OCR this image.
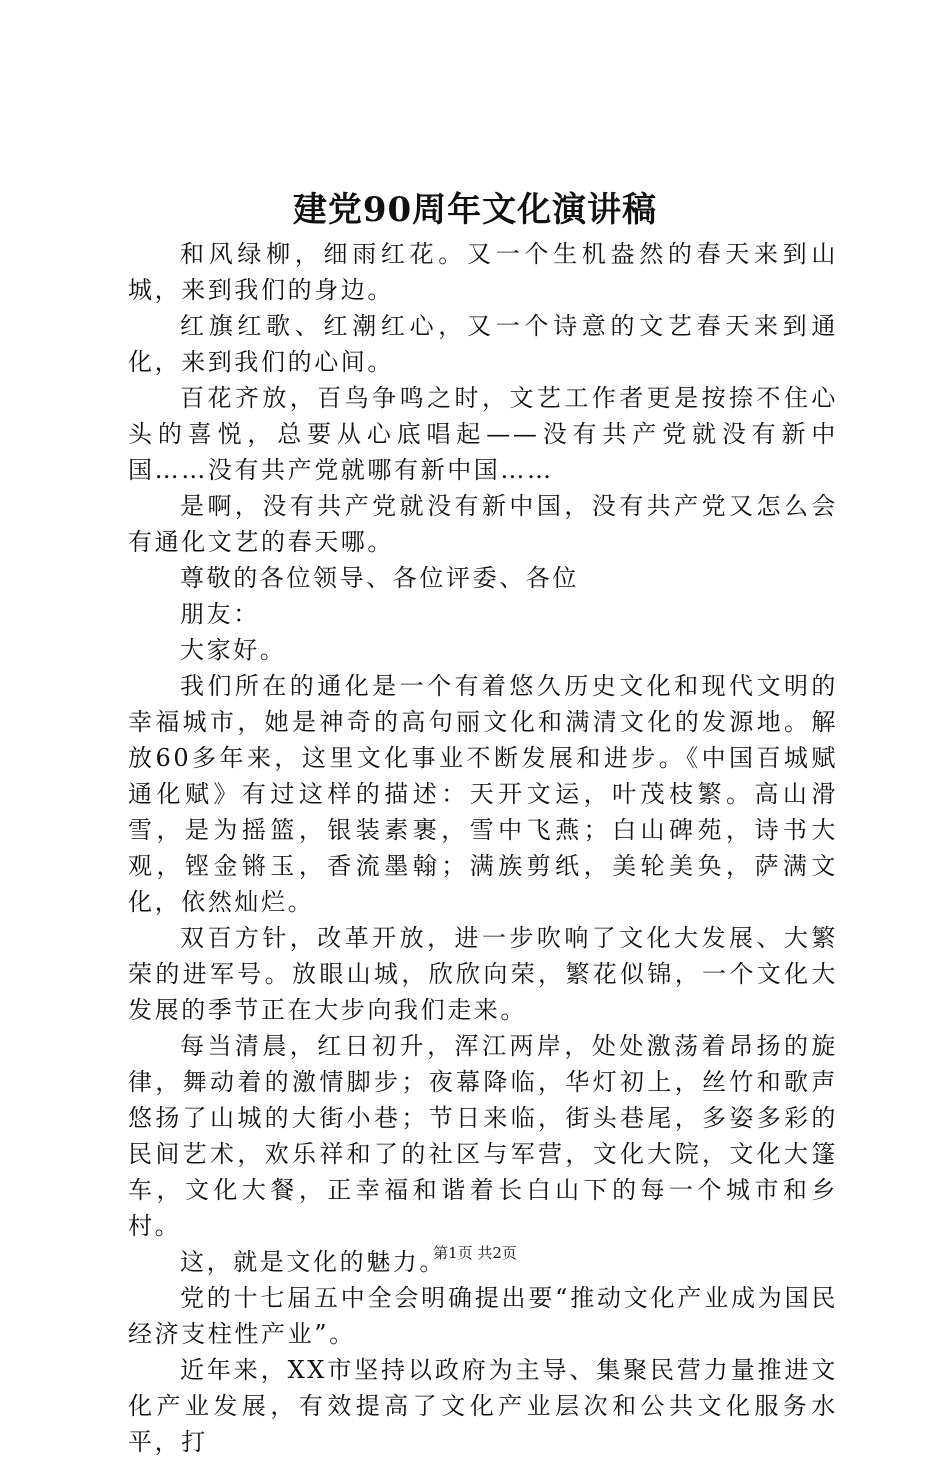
建党90周年文化演讲稿

和风绿柳，细雨红花。又一个生机盎然的春天来到山城，来到我们的身边。

红旗红歌、红潮红心，又一个诗意的文艺春天来到通化，来到我们的心间。

百花齐放，百鸟争鸣之时，文艺工作者更是按捺不住心头的喜悦，总要从心底唱起——没有共产党就没有新中国……没有共产党就哪有新中国……

是啊，没有共产党就没有新中国，没有共产党又怎么会有通化文艺的春天哪。

尊敬的各位领导、各位评委、各位

朋友：

大家好。

我们所在的通化是一个有着悠久历史文化和现代文明的幸福城市，她是神奇的高句丽文化和满清文化的发源地。解放60多年来，这里文化事业不断发展和进步。《中国百城赋通化赋》有过这样的描述：天开文运，叶茂枝繁。高山滑雪，是为摇篮，银装素裹，雪中飞燕；白山碑苑，诗书大观，铿金锵玉，香流墨翰；满族剪纸，美轮美奂，萨满文化，依然灿烂。

双百方针，改革开放，进一步吹响了文化大发展、大繁荣的进军号。放眼山城，欣欣向荣，繁花似锦，一个文化大发展的季节正在大步向我们走来。

每当清晨，红日初升，浑江两岸，处处激荡着昂扬的旋律，舞动着的激情脚步；夜幕降临，华灯初上，丝竹和歌声悠扬了山城的大街小巷；节日来临，街头巷尾，多姿多彩的民间艺术，欢乐祥和了的社区与军营，文化大院，文化大篷车，文化大餐，正幸福和谐着长白山下的每一个城市和乡村。

这，就是文化的魅力。

党的十七届五中全会明确提出要“推动文化产业成为国民经济支柱性产业”。

近年来，XX市坚持以政府为主导、集聚民营力量推进文化产业发展，有效提高了文化产业层次和公共文化服务水平，打

第1页 共2页
